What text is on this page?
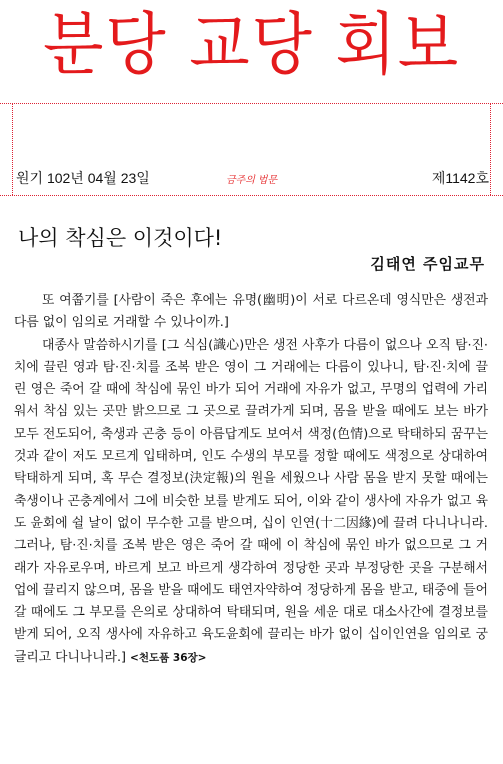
분당 교당 회보
원기 102년 04월 23일	금주의 법문	제1142호
나의 착심은 이것이다!
김태연 주임교무

또 여쭙기를 [사람이 죽은 후에는 유명(幽明)이 서로 다르온데 영식만은 생전과 다름 없이 임의로 거래할 수 있나이까.]

대종사 말씀하시기를 [그 식심(識心)만은 생전 사후가 다름이 없으나 오직 탐·진·치에 끌린 영과 탐·진·치를 조복 받은 영이 그 거래에는 다름이 있나니, 탐·진·치에 끌린 영은 죽어 갈 때에 착심에 묶인 바가 되어 거래에 자유가 없고, 무명의 업력에 가리워서 착심 있는 곳만 밝으므로 그 곳으로 끌려가게 되며, 몸을 받을 때에도 보는 바가 모두 전도되어, 축생과 곤충 등이 아름답게도 보여서 색정(色情)으로 탁태하되 꿈꾸는 것과 같이 저도 모르게 입태하며, 인도 수생의 부모를 정할 때에도 색정으로 상대하여 탁태하게 되며, 혹 무슨 결정보(決定報)의 원을 세웠으나 사람 몸을 받지 못할 때에는 축생이나 곤충계에서 그에 비슷한 보를 받게도 되어, 이와 같이 생사에 자유가 없고 육도 윤회에 쉴 날이 없이 무수한 고를 받으며, 십이 인연(十二因緣)에 끌려 다니나니라. 그러나, 탐·진·치를 조복 받은 영은 죽어 갈 때에 이 착심에 묶인 바가 없으므로 그 거래가 자유로우며, 바르게 보고 바르게 생각하여 정당한 곳과 부정당한 곳을 구분해서 업에 끌리지 않으며, 몸을 받을 때에도 태연자약하여 정당하게 몸을 받고, 태중에 들어 갈 때에도 그 부모를 은의로 상대하여 탁태되며, 원을 세운 대로 대소사간에 결정보를 받게 되어, 오직 생사에 자유하고 육도윤회에 끌리는 바가 없이 십이인연을 임의로 궁글리고 다니나니라.] <천도품 36장>
